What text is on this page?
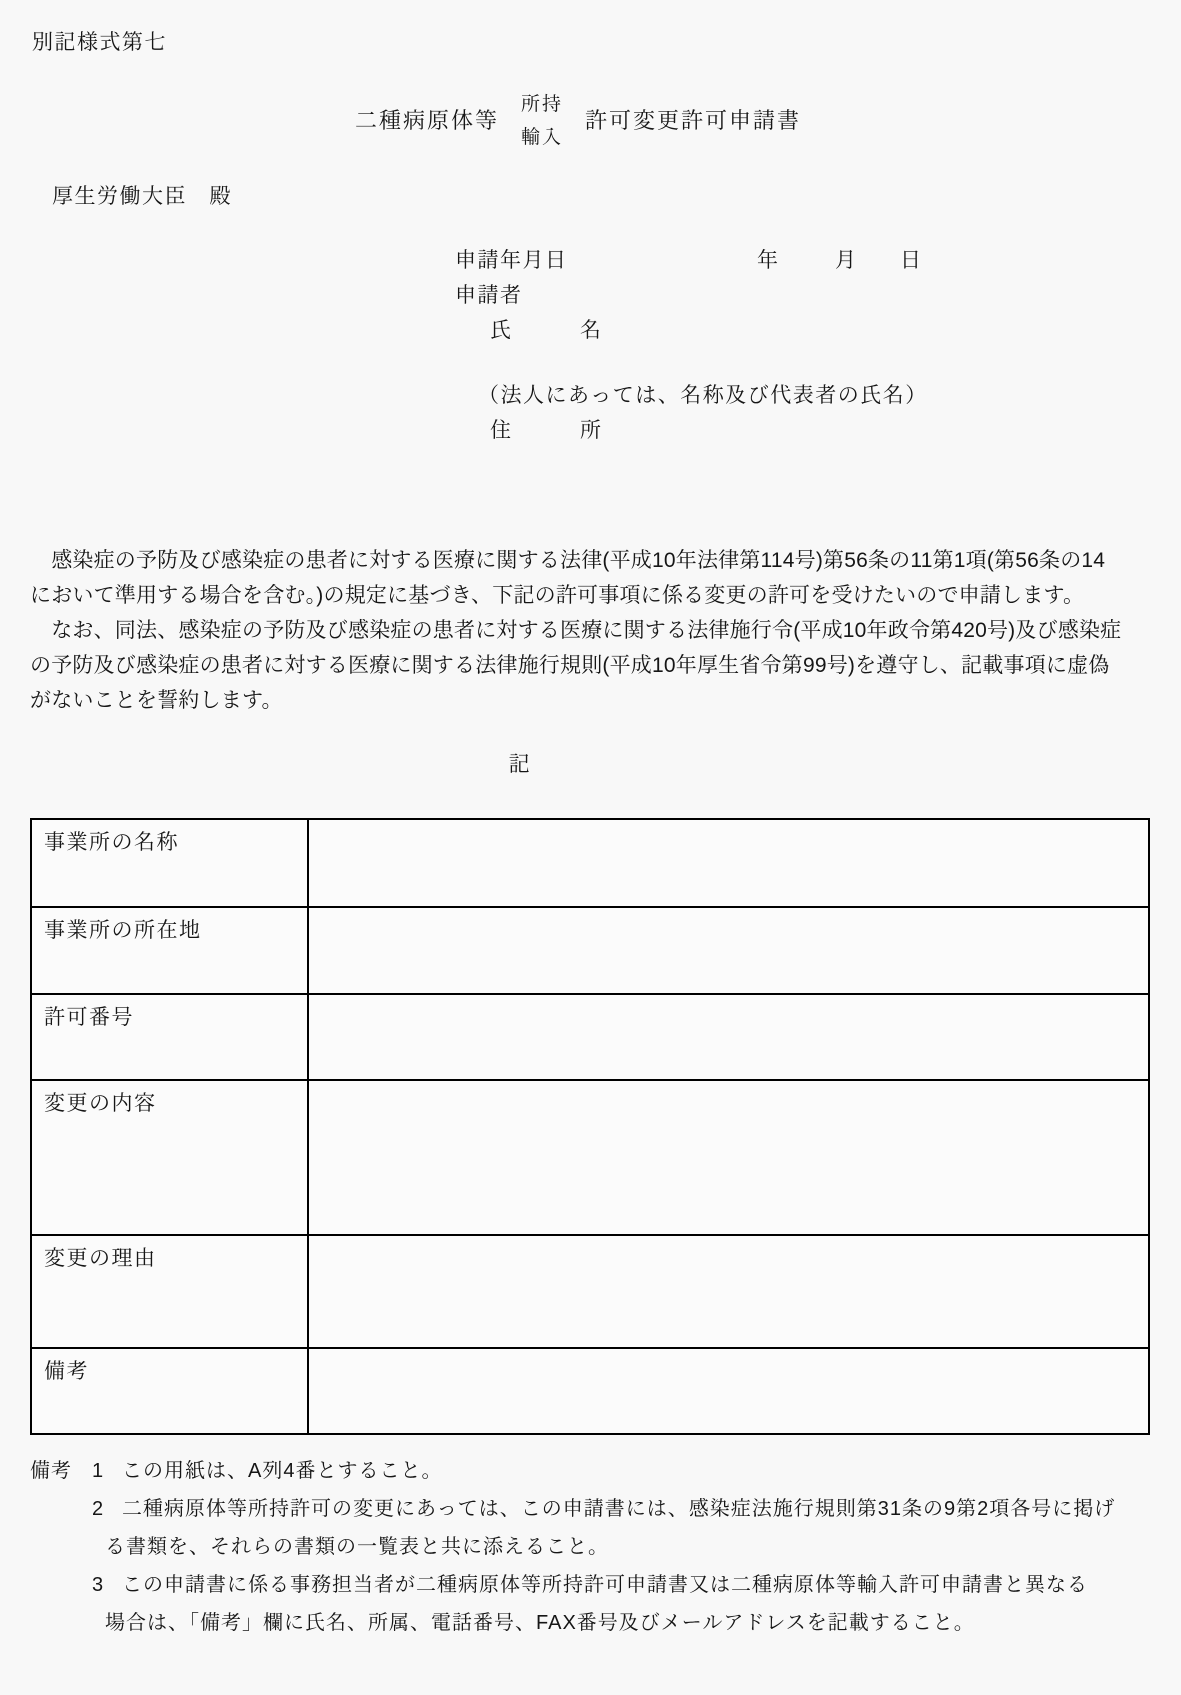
別記様式第七
二種病原体等
所持
輸入
許可変更許可申請書
厚生労働大臣　殿
申請年月日	年	月 日
申請者
氏　　　名
（法人にあっては、名称及び代表者の氏名）
住　　　所
　感染症の予防及び感染症の患者に対する医療に関する法律(平成10年法律第114号)第56条の11第1項(第56条の14
において準用する場合を含む。)の規定に基づき、下記の許可事項に係る変更の許可を受けたいので申請します。
　なお、同法、感染症の予防及び感染症の患者に対する医療に関する法律施行令(平成10年政令第420号)及び感染症
の予防及び感染症の患者に対する医療に関する法律施行規則(平成10年厚生省令第99号)を遵守し、記載事項に虚偽
がないことを誓約します。
記
事業所の名称
事業所の所在地
許可番号
変更の内容
変更の理由
備考
備考	1 この用紙は、A列4番とすること。
2 二種病原体等所持許可の変更にあっては、この申請書には、感染症法施行規則第31条の9第2項各号に掲げ
る書類を、それらの書類の一覧表と共に添えること。
3 この申請書に係る事務担当者が二種病原体等所持許可申請書又は二種病原体等輸入許可申請書と異なる
場合は、「備考」欄に氏名、所属、電話番号、FAX番号及びメールアドレスを記載すること。
